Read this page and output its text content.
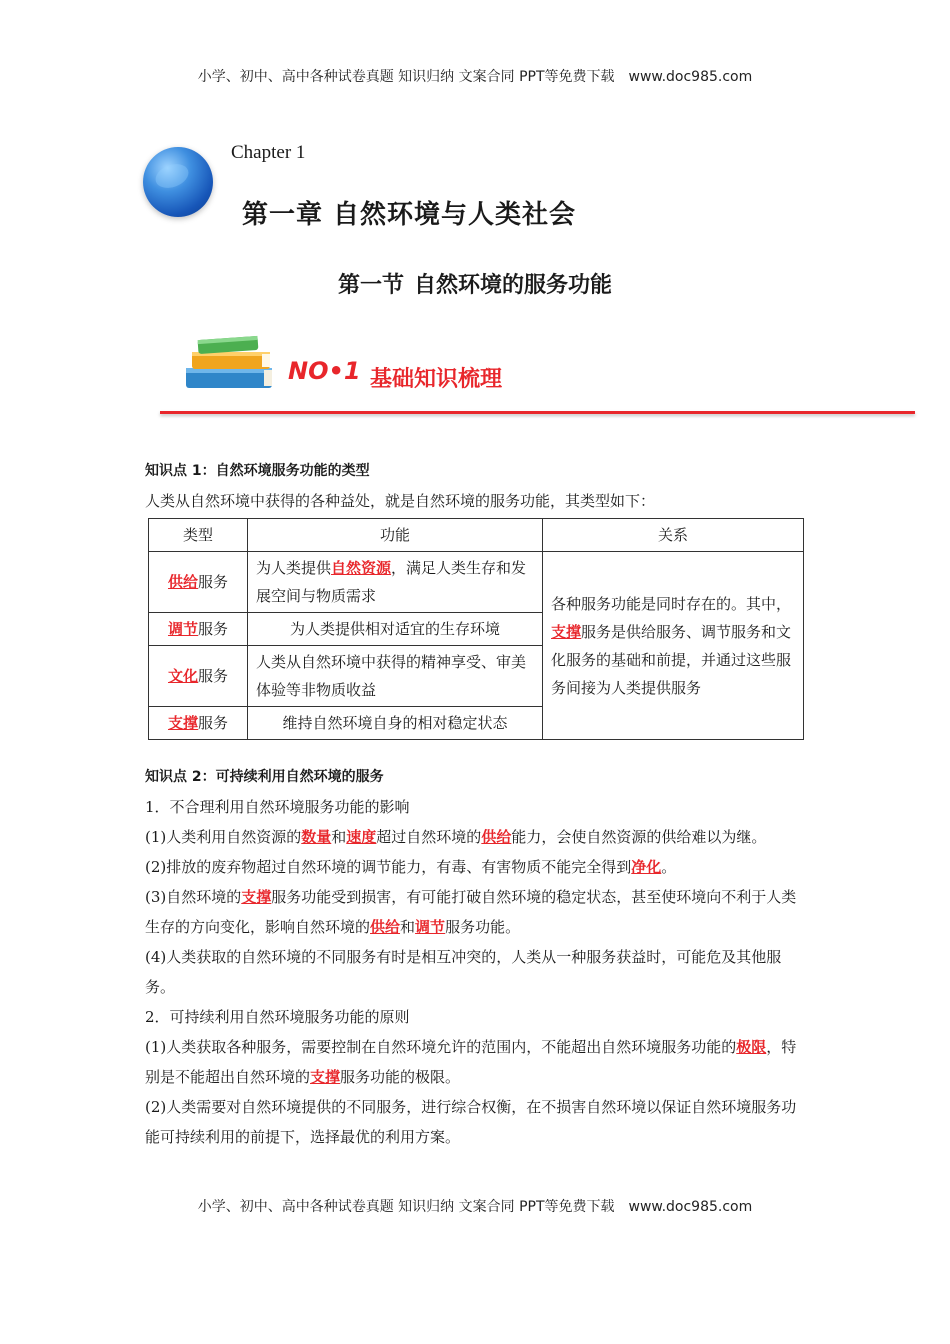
小学、初中、高中各种试卷真题 知识归纳 文案合同 PPT等免费下载 www.doc985.com
Chapter 1
第一章 自然环境与人类社会
第一节 自然环境的服务功能
NO•1 基础知识梳理

知识点 1：自然环境服务功能的类型

人类从自然环境中获得的各种益处，就是自然环境的服务功能，其类型如下：

类型	功能	关系
供给服务	为人类提供自然资源，满足人类生存和发展空间与物质需求	各种服务功能是同时存在的。其中，支撑服务是供给服务、调节服务和文化服务的基础和前提，并通过这些服务间接为人类提供服务
调节服务	为人类提供相对适宜的生存环境	
文化服务	人类从自然环境中获得的精神享受、审美体验等非物质收益	
支撑服务	维持自然环境自身的相对稳定状态	

知识点 2：可持续利用自然环境的服务

1．不合理利用自然环境服务功能的影响

(1)人类利用自然资源的数量和速度超过自然环境的供给能力，会使自然资源的供给难以为继。

(2)排放的废弃物超过自然环境的调节能力，有毒、有害物质不能完全得到净化。

(3)自然环境的支撑服务功能受到损害，有可能打破自然环境的稳定状态，甚至使环境向不利于人类生存的方向变化，影响自然环境的供给和调节服务功能。

(4)人类获取的自然环境的不同服务有时是相互冲突的，人类从一种服务获益时，可能危及其他服务。

2．可持续利用自然环境服务功能的原则

(1)人类获取各种服务，需要控制在自然环境允许的范围内，不能超出自然环境服务功能的极限，特别是不能超出自然环境的支撑服务功能的极限。

(2)人类需要对自然环境提供的不同服务，进行综合权衡，在不损害自然环境以保证自然环境服务功能可持续利用的前提下，选择最优的利用方案。

小学、初中、高中各种试卷真题 知识归纳 文案合同 PPT等免费下载 www.doc985.com
